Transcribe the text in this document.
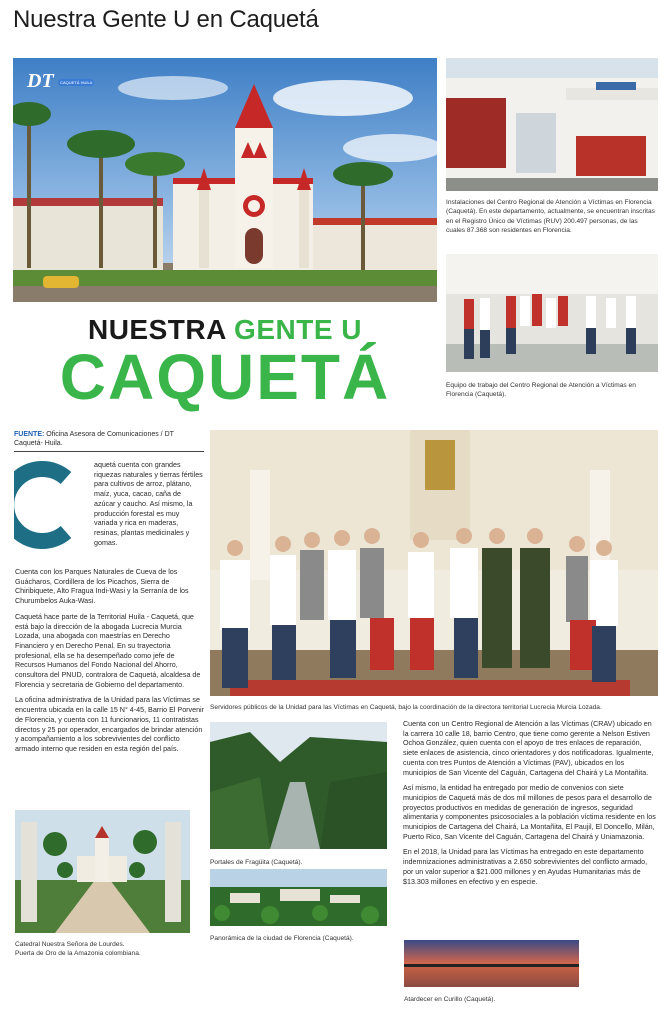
Nuestra Gente U en Caquetá
DT CAQUETÁ HUILA
NUESTRA GENTE U
CAQUETÁ
Instalaciones del Centro Regional de Atención a Víctimas en Florencia (Caquetá). En este departamento, actualmente, se encuentran inscritas en el Registro Único de Víctimas (RUV) 200.497 personas, de las cuales 87.368 son residentes en Florencia.
Equipo de trabajo del Centro Regional de Atención a Víctimas en Florencia (Caquetá).
FUENTE: Oficina Asesora de Comunicaciones / DT Caquetá- Huila.

aquetá cuenta con grandes riquezas naturales y tierras fértiles para cultivos de arroz, plátano, maíz, yuca, cacao, caña de azúcar y caucho. Así mismo, la producción forestal es muy variada y rica en maderas, resinas, plantas medicinales y gomas.

Cuenta con los Parques Naturales de Cueva de los Guácharos, Cordillera de los Picachos, Sierra de Chiribiquete, Alto Fragua Indi-Wasi y la Serranía de los Churumbelos Auka-Wasi.

Caquetá hace parte de la Territorial Huila - Caquetá, que está bajo la dirección de la abogada Lucrecia Murcia Lozada, una abogada con maestrías en Derecho Financiero y en Derecho Penal. En su trayectoria profesional, ella se ha desempeñado como jefe de Recursos Humanos del Fondo Nacional del Ahorro, consultora del PNUD, contralora de Caquetá, alcaldesa de Florencia y secretaria de Gobierno del departamento.

La oficina administrativa de la Unidad para las Víctimas se encuentra ubicada en la calle 15 N° 4-45, Barrio El Porvenir de Florencia, y cuenta con 11 funcionarios, 11 contratistas directos y 25 por operador, encargados de brindar atención y acompañamiento a los sobrevivientes del conflicto armado interno que residen en esta región del país.

Servidores públicos de la Unidad para las Víctimas en Caquetá, bajo la coordinación de la directora territorial Lucrecia Murcia Lozada.
Portales de Fragüita (Caquetá).
Panorámica de la ciudad de Florencia (Caquetá).

Cuenta con un Centro Regional de Atención a las Víctimas (CRAV) ubicado en la carrera 10 calle 18, barrio Centro, que tiene como gerente a Nelson Estiven Ochoa González, quien cuenta con el apoyo de tres enlaces de reparación, siete enlaces de asistencia, cinco orientadores y dos notificadoras. Igualmente, cuenta con tres Puntos de Atención a Víctimas (PAV), ubicados en los municipios de San Vicente del Caguán, Cartagena del Chairá y La Montañita.

Así mismo, la entidad ha entregado por medio de convenios con siete municipios de Caquetá más de dos mil millones de pesos para el desarrollo de proyectos productivos en medidas de generación de ingresos, seguridad alimentaria y componentes psicosociales a la población víctima residente en los municipios de Cartagena del Chairá, La Montañita, El Paujil, El Doncello, Milán, Puerto Rico, San Vicente del Caguán, Cartagena del Chairá y Uniamazonia.

En el 2018, la Unidad para las Víctimas ha entregado en este departamento indemnizaciones administrativas a 2.650 sobrevivientes del conflicto armado, por un valor superior a $21.000 millones y en Ayudas Humanitarias más de $13.303 millones en efectivo y en especie.

Atardecer en Curillo (Caquetá).
Catedral Nuestra Señora de Lourdes.
Puerta de Oro de la Amazonia colombiana.
